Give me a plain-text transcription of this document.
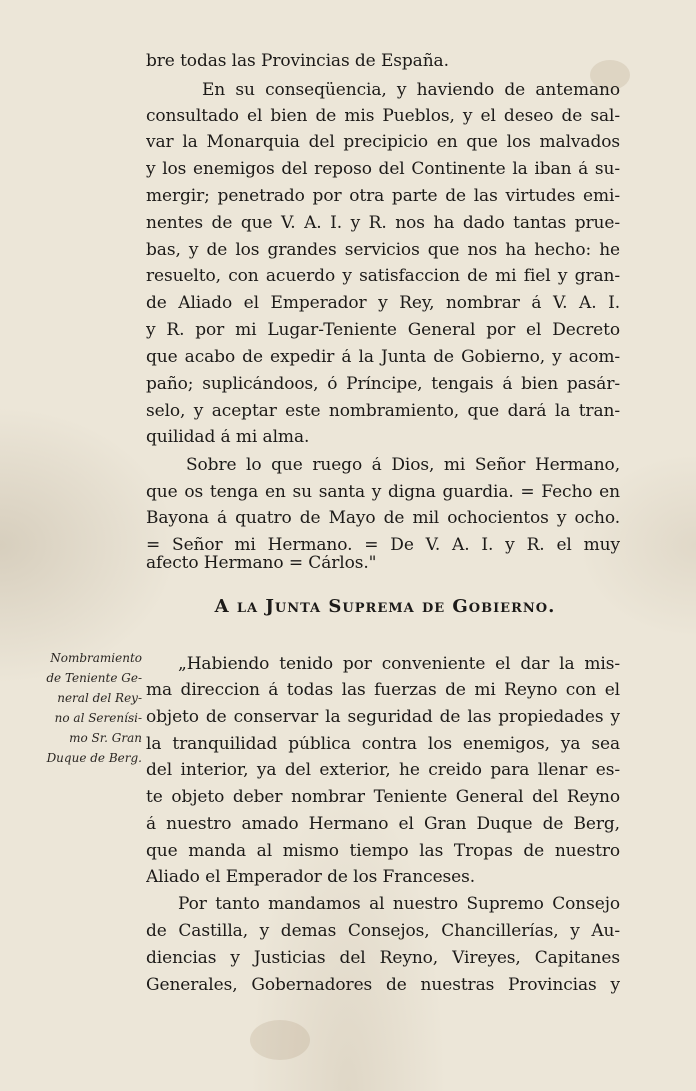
bre todas las Provincias de España.
En su conseqüencia, y haviendo de antemano
consultado el bien de mis Pueblos, y el deseo de sal-
var la Monarquia del precipicio en que los malvados
y los enemigos del reposo del Continente la iban á su-
mergir; penetrado por otra parte de las virtudes emi-
nentes de que V. A. I. y R. nos ha dado tantas prue-
bas, y de los grandes servicios que nos ha hecho: he
resuelto, con acuerdo y satisfaccion de mi fiel y gran-
de Aliado el Emperador y Rey, nombrar á V. A. I.
y R. por mi Lugar-Teniente General por el Decreto
que acabo de expedir á la Junta de Gobierno, y acom-
paño; suplicándoos, ó Príncipe, tengais á bien pasár-
selo, y aceptar este nombramiento, que dará la tran-
quilidad á mi alma.
Sobre lo que ruego á Dios, mi Señor Hermano,
que os tenga en su santa y digna guardia. = Fecho en
Bayona á quatro de Mayo de mil ochocientos y ocho.
= Señor mi Hermano. = De V. A. I. y R. el muy
afecto Hermano = Cárlos."
A la Junta Suprema de Gobierno.
Nombramiento
de Teniente Ge-
neral del Rey-
no al Serenísi-
mo Sr. Gran
Duque de Berg.
„Habiendo tenido por conveniente el dar la mis-
ma direccion á todas las fuerzas de mi Reyno con el
objeto de conservar la seguridad de las propiedades y
la tranquilidad pública contra los enemigos, ya sea
del interior, ya del exterior, he creido para llenar es-
te objeto deber nombrar Teniente General del Reyno
á nuestro amado Hermano el Gran Duque de Berg,
que manda al mismo tiempo las Tropas de nuestro
Aliado el Emperador de los Franceses.
Por tanto mandamos al nuestro Supremo Consejo
de Castilla, y demas Consejos, Chancillerías, y Au-
diencias y Justicias del Reyno, Vireyes, Capitanes
Generales, Gobernadores de nuestras Provincias y
